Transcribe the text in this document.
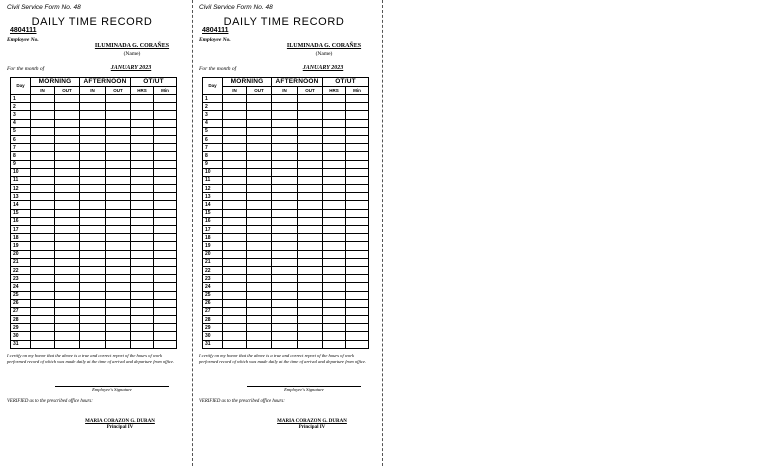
Civil Service Form No. 48
DAILY TIME RECORD
4804111
Employee No.
ILUMINADA G. CORAÑES
(Name)
For the month of	JANUARY 2023
Day	MORNING		AFTERNOON		OT/UT	
	IN	OUT	IN	OUT	HRS	Min
1						
2						
3						
4						
5						
6						
7						
8						
9						
10						
11						
12						
13						
14						
15						
16						
17						
18						
19						
20						
21						
22						
23						
24						
25						
26						
27						
28						
29						
30						
31						
I certify on my honor that the above is a true and correct report of the hours of work performed record of which was made daily at the time of arrival and departure from office.
Employee's Signature
VERIFIED as to the prescribed office hours:
MARIA CORAZON G. DURAN
Principal IV
Civil Service Form No. 48
DAILY TIME RECORD
4804111
Employee No.
ILUMINADA G. CORAÑES
(Name)
For the month of	JANUARY 2023
Day	MORNING		AFTERNOON		OT/UT	
	IN	OUT	IN	OUT	HRS	Min
1						
2						
3						
4						
5						
6						
7						
8						
9						
10						
11						
12						
13						
14						
15						
16						
17						
18						
19						
20						
21						
22						
23						
24						
25						
26						
27						
28						
29						
30						
31						
I certify on my honor that the above is a true and correct report of the hours of work performed record of which was made daily at the time of arrival and departure from office.
Employee's Signature
VERIFIED as to the prescribed office hours:
MARIA CORAZON G. DURAN
Principal IV
